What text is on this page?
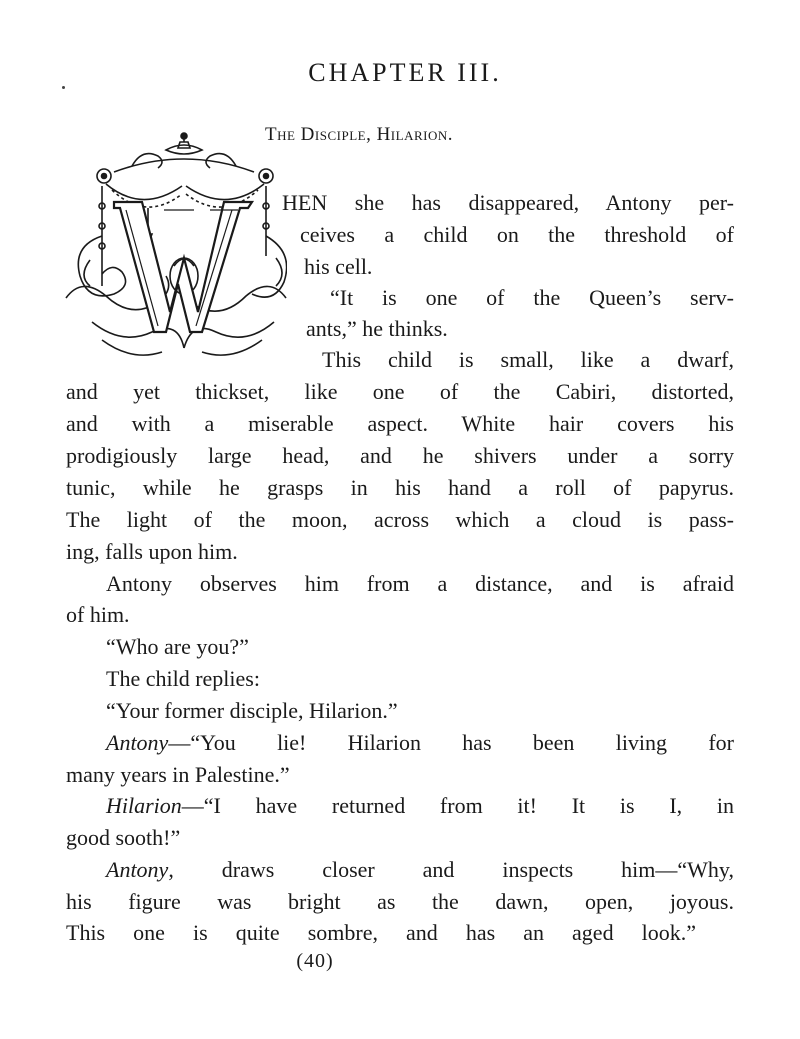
CHAPTER III.
The Disciple, Hilarion.
HEN she has disappeared, Antony per-
ceives a child on the threshold of
his cell.
“It is one of the Queen’s serv-
ants,” he thinks.
This child is small, like a dwarf,
and yet thickset, like one of the Cabiri, distorted,
and with a miserable aspect. White hair covers his
prodigiously large head, and he shivers under a sorry
tunic, while he grasps in his hand a roll of papyrus.
The light of the moon, across which a cloud is pass-
ing, falls upon him.
Antony observes him from a distance, and is afraid
of him.
“Who are you?”
The child replies:
“Your former disciple, Hilarion.”
Antony—“You lie! Hilarion has been living for
many years in Palestine.”
Hilarion—“I have returned from it! It is I, in
good sooth!”
Antony, draws closer and inspects him—“Why,
his figure was bright as the dawn, open, joyous.
This one is quite sombre, and has an aged look.”
(40)
